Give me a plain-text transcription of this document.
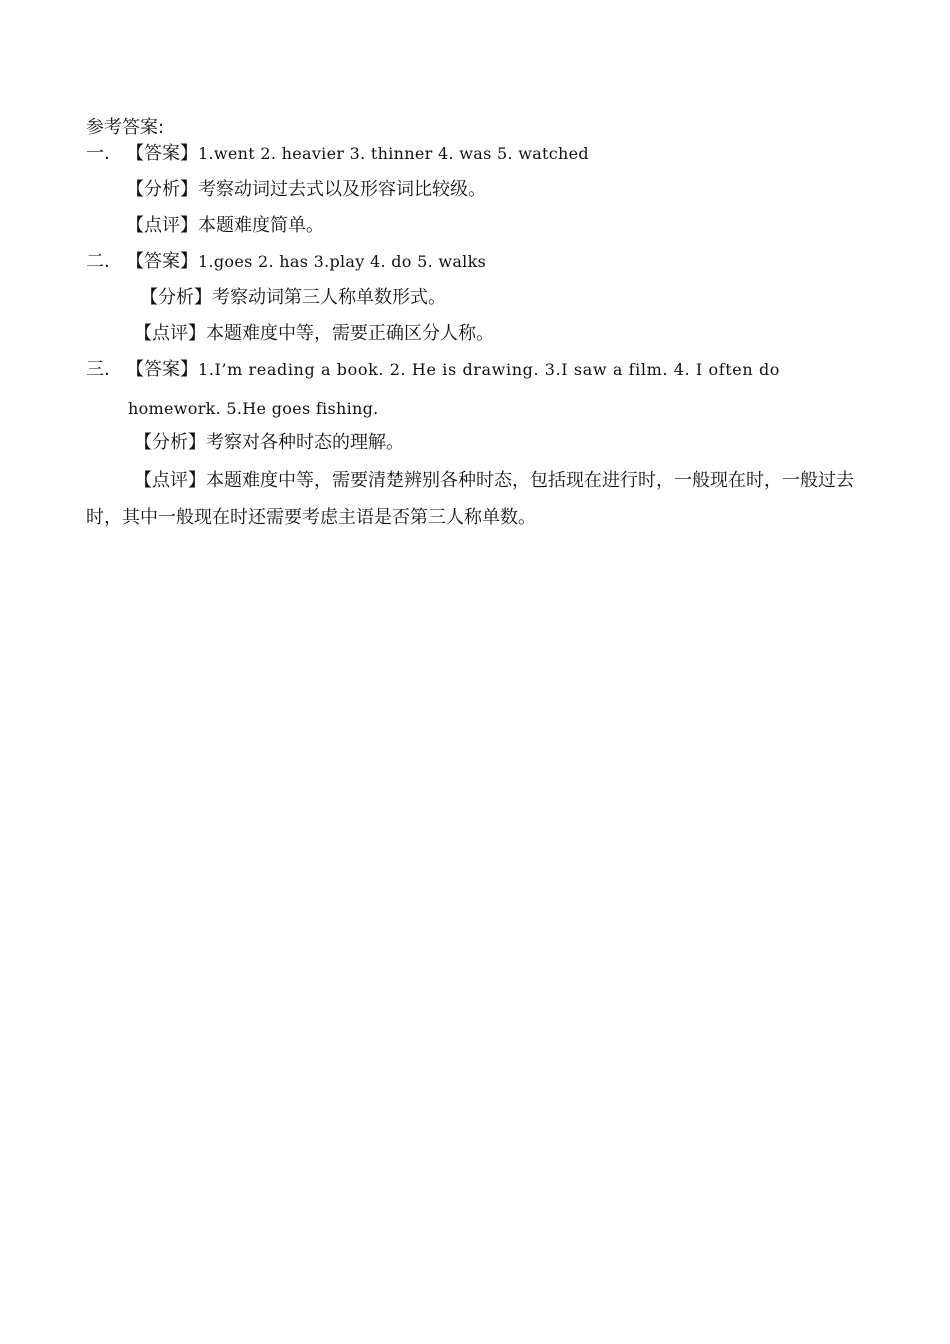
参考答案:
一. 【答案】1.went 2. heavier 3. thinner 4. was 5. watched
【分析】考察动词过去式以及形容词比较级。
【点评】本题难度简单。
二. 【答案】1.goes 2. has 3.play 4. do 5. walks
【分析】考察动词第三人称单数形式。
【点评】本题难度中等，需要正确区分人称。
三. 【答案】1.I’m reading a book. 2. He is drawing. 3.I saw a film. 4. I often do
homework. 5.He goes fishing.
【分析】考察对各种时态的理解。
【点评】本题难度中等，需要清楚辨别各种时态，包括现在进行时，一般现在时，一般过去时，其中一般现在时还需要考虑主语是否第三人称单数。
